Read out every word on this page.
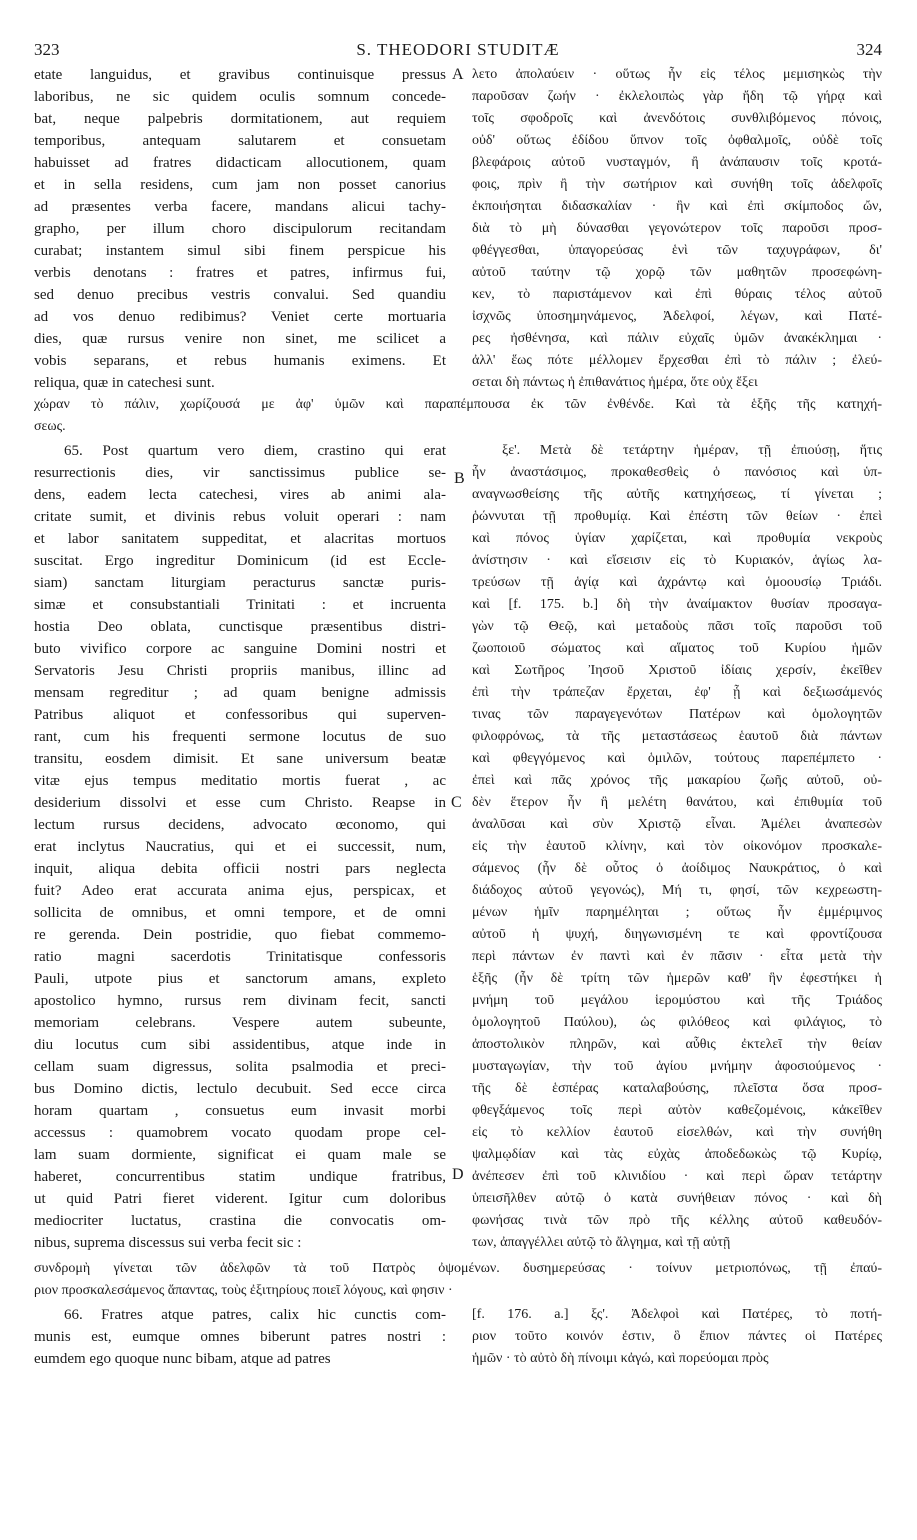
323	S. THEODORI STUDITÆ	324
A
B
C
D
etate languidus, et gravibus continuisque pressus
laboribus, ne sic quidem oculis somnum concede-
bat, neque palpebris dormitationem, aut requiem
temporibus, antequam salutarem et consuetam
habuisset ad fratres didacticam allocutionem, quam
et in sella residens, cum jam non posset canorius
ad præsentes verba facere, mandans alicui tachy-
grapho, per illum choro discipulorum recitandam
curabat; instantem simul sibi finem perspicue his
verbis denotans : fratres et patres, infirmus fui,
sed denuo precibus vestris convalui. Sed quandiu
ad vos denuo redibimus? Veniet certe mortuaria
dies, quæ rursus venire non sinet, me scilicet a
vobis separans, et rebus humanis eximens. Et
reliqua, quæ in catechesi sunt.
λετο ἀπολαύειν · οὕτως ἦν εἰς τέλος μεμισηκὼς τὴν
παροῦσαν ζωήν · ἐκλελοιπὼς γὰρ ἤδη τῷ γήρᾳ καὶ
τοῖς σφοδροῖς καὶ ἀνενδότοις συνθλιβόμενος πόνοις,
οὐδ' οὕτως ἐδίδου ὕπνον τοῖς ὀφθαλμοῖς, οὐδὲ τοῖς
βλεφάροις αὐτοῦ νυσταγμόν, ἢ ἀνάπαυσιν τοῖς κροτά-
φοις, πρὶν ἢ τὴν σωτήριον καὶ συνήθη τοῖς ἀδελφοῖς
ἐκποιήσηται διδασκαλίαν · ἣν καὶ ἐπὶ σκίμποδος ὤν,
διὰ τὸ μὴ δύνασθαι γεγονώτερον τοῖς παροῦσι προσ-
φθέγγεσθαι, ὑπαγορεύσας ἑνὶ τῶν ταχυγράφων, δι'
αὐτοῦ ταύτην τῷ χορῷ τῶν μαθητῶν προσεφώνη-
κεν, τὸ παριστάμενον καὶ ἐπὶ θύραις τέλος αὐτοῦ
ἰσχνῶς ὑποσημηνάμενος, Ἀδελφοί, λέγων, καὶ Πατέ-
ρες ἠσθένησα, καὶ πάλιν εὐχαῖς ὑμῶν ἀνακέκλημαι ·
ἀλλ' ἕως πότε μέλλομεν ἔρχεσθαι ἐπὶ τὸ πάλιν ; ἐλεύ-
σεται δὴ πάντως ἡ ἐπιθανάτιος ἡμέρα, ὅτε οὐχ ἕξει
χώραν τὸ πάλιν, χωρίζουσά με ἀφ' ὑμῶν καὶ παραπέμπουσα ἐκ τῶν ἐνθένδε. Καὶ τὰ ἑξῆς τῆς κατηχή-
σεως.
65. Post quartum vero diem, crastino qui erat
resurrectionis dies, vir sanctissimus publice se-
dens, eadem lecta catechesi, vires ab animi ala-
critate sumit, et divinis rebus voluit operari : nam
et labor sanitatem suppeditat, et alacritas mortuos
suscitat. Ergo ingreditur Dominicum (id est Eccle-
siam) sanctam liturgiam peracturus sanctæ puris-
simæ et consubstantiali Trinitati : et incruenta
hostia Deo oblata, cunctisque præsentibus distri-
buto vivifico corpore ac sanguine Domini nostri et
Servatoris Jesu Christi propriis manibus, illinc ad
mensam regreditur ; ad quam benigne admissis
Patribus aliquot et confessoribus qui superven-
rant, cum his frequenti sermone locutus de suo
transitu, eosdem dimisit. Et sane universum beatæ
vitæ ejus tempus meditatio mortis fuerat , ac
desiderium dissolvi et esse cum Christo. Reapse in
lectum rursus decidens, advocato œconomo, qui
erat inclytus Naucratius, qui et ei successit, num,
inquit, aliqua debita officii nostri pars neglecta
fuit? Adeo erat accurata anima ejus, perspicax, et
sollicita de omnibus, et omni tempore, et de omni
re gerenda. Dein postridie, quo fiebat commemo-
ratio magni sacerdotis Trinitatisque confessoris
Pauli, utpote pius et sanctorum amans, expleto
apostolico hymno, rursus rem divinam fecit, sancti
memoriam celebrans. Vespere autem subeunte,
diu locutus cum sibi assidentibus, atque inde in
cellam suam digressus, solita psalmodia et preci-
bus Domino dictis, lectulo decubuit. Sed ecce circa
horam quartam , consuetus eum invasit morbi
accessus : quamobrem vocato quodam prope cel-
lam suam dormiente, significat ei quam male se
haberet, concurrentibus statim undique fratribus,
ut quid Patri fieret viderent. Igitur cum doloribus
mediocriter luctatus, crastina die convocatis om-
nibus, suprema discessus sui verba fecit sic :
ξε'. Μετὰ δὲ τετάρτην ἡμέραν, τῇ ἐπιούσῃ, ἥτις
ἦν ἀναστάσιμος, προκαθεσθεὶς ὁ πανόσιος καὶ ὑπ-
αναγνωσθείσης τῆς αὐτῆς κατηχήσεως, τί γίνεται ;
ῥώννυται τῇ προθυμίᾳ. Καὶ ἐπέστη τῶν θείων · ἐπεὶ
καὶ πόνος ὑγίαν χαρίζεται, καὶ προθυμία νεκροὺς
ἀνίστησιν · καὶ εἴσεισιν εἰς τὸ Κυριακόν, ἁγίως λα-
τρεύσων τῇ ἁγίᾳ καὶ ἀχράντῳ καὶ ὁμοουσίῳ Τριάδι.
καὶ [f. 175. b.] δὴ τὴν ἀναίμακτον θυσίαν προσαγα-
γὼν τῷ Θεῷ, καὶ μεταδοὺς πᾶσι τοῖς παροῦσι τοῦ
ζωοποιοῦ σώματος καὶ αἵματος τοῦ Κυρίου ἡμῶν
καὶ Σωτῆρος Ἰησοῦ Χριστοῦ ἰδίαις χερσίν, ἐκεῖθεν
ἐπὶ τὴν τράπεζαν ἔρχεται, ἐφ' ᾗ καὶ δεξιωσάμενός
τινας τῶν παραγεγενότων Πατέρων καὶ ὁμολογητῶν
φιλοφρόνως, τὰ τῆς μεταστάσεως ἑαυτοῦ διὰ πάντων
καὶ φθεγγόμενος καὶ ὁμιλῶν, τούτους παρεπέμπετο ·
ἐπεὶ καὶ πᾶς χρόνος τῆς μακαρίου ζωῆς αὐτοῦ, οὐ-
δὲν ἕτερον ἦν ἢ μελέτη θανάτου, καὶ ἐπιθυμία τοῦ
ἀναλῦσαι καὶ σὺν Χριστῷ εἶναι. Ἀμέλει ἀναπεσὼν
εἰς τὴν ἑαυτοῦ κλίνην, καὶ τὸν οἰκονόμον προσκαλε-
σάμενος (ἦν δὲ οὗτος ὁ ἀοίδιμος Ναυκράτιος, ὁ καὶ
διάδοχος αὐτοῦ γεγονώς), Μή τι, φησί, τῶν κεχρεωστη-
μένων ἡμῖν παρημέληται ; οὕτως ἦν ἐμμέριμνος
αὐτοῦ ἡ ψυχή, διηγωνισμένη τε καὶ φροντίζουσα
περὶ πάντων ἐν παντὶ καὶ ἐν πᾶσιν · εἶτα μετὰ τὴν
ἑξῆς (ἦν δὲ τρίτη τῶν ἡμερῶν καθ' ἣν ἐφεστήκει ἡ
μνήμη τοῦ μεγάλου ἱερομύστου καὶ τῆς Τριάδος
ὁμολογητοῦ Παύλου), ὡς φιλόθεος καὶ φιλάγιος, τὸ
ἀποστολικὸν πληρῶν, καὶ αὖθις ἐκτελεῖ τὴν θείαν
μυσταγωγίαν, τὴν τοῦ ἁγίου μνήμην ἀφοσιούμενος ·
τῆς δὲ ἑσπέρας καταλαβούσης, πλεῖστα ὅσα προσ-
φθεγξάμενος τοῖς περὶ αὐτὸν καθεζομένοις, κἀκεῖθεν
εἰς τὸ κελλίον ἑαυτοῦ εἰσελθών, καὶ τὴν συνήθη
ψαλμῳδίαν καὶ τὰς εὐχὰς ἀποδεδωκὼς τῷ Κυρίῳ,
ἀνέπεσεν ἐπὶ τοῦ κλινιδίου · καὶ περὶ ὥραν τετάρτην
ὑπεισῆλθεν αὐτῷ ὁ κατὰ συνήθειαν πόνος · καὶ δὴ
φωνήσας τινὰ τῶν πρὸ τῆς κέλλης αὐτοῦ καθευδόν-
των, ἀπαγγέλλει αὐτῷ τὸ ἄλγημα, καὶ τῇ αὐτῇ
συνδρομὴ γίνεται τῶν ἀδελφῶν τὰ τοῦ Πατρὸς ὀψομένων. δυσημερεύσας · τοίνυν μετριοπόνως, τῇ ἐπαύ-
ριον προσκαλεσάμενος ἅπαντας, τοὺς ἐξιτηρίους ποιεῖ λόγους, καὶ φησιν ·
66. Fratres atque patres, calix hic cunctis com-
munis est, eumque omnes biberunt patres nostri :
eumdem ego quoque nunc bibam, atque ad patres
[f. 176. a.] ξς'. Ἀδελφοὶ καὶ Πατέρες, τὸ ποτή-
ριον τοῦτο κοινόν ἐστιν, ὃ ἔπιον πάντες οἱ Πατέρες
ἡμῶν · τὸ αὐτὸ δὴ πίνοιμι κἀγώ, καὶ πορεύομαι πρὸς
